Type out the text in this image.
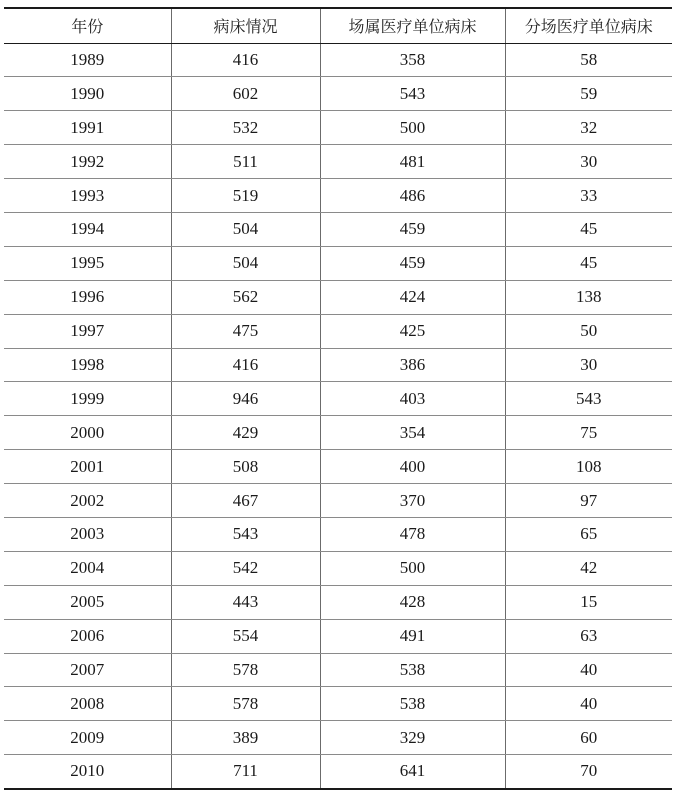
年份	病床情况	场属医疗单位病床	分场医疗单位病床
1989	416	358	58
1990	602	543	59
1991	532	500	32
1992	511	481	30
1993	519	486	33
1994	504	459	45
1995	504	459	45
1996	562	424	138
1997	475	425	50
1998	416	386	30
1999	946	403	543
2000	429	354	75
2001	508	400	108
2002	467	370	97
2003	543	478	65
2004	542	500	42
2005	443	428	15
2006	554	491	63
2007	578	538	40
2008	578	538	40
2009	389	329	60
2010	711	641	70
